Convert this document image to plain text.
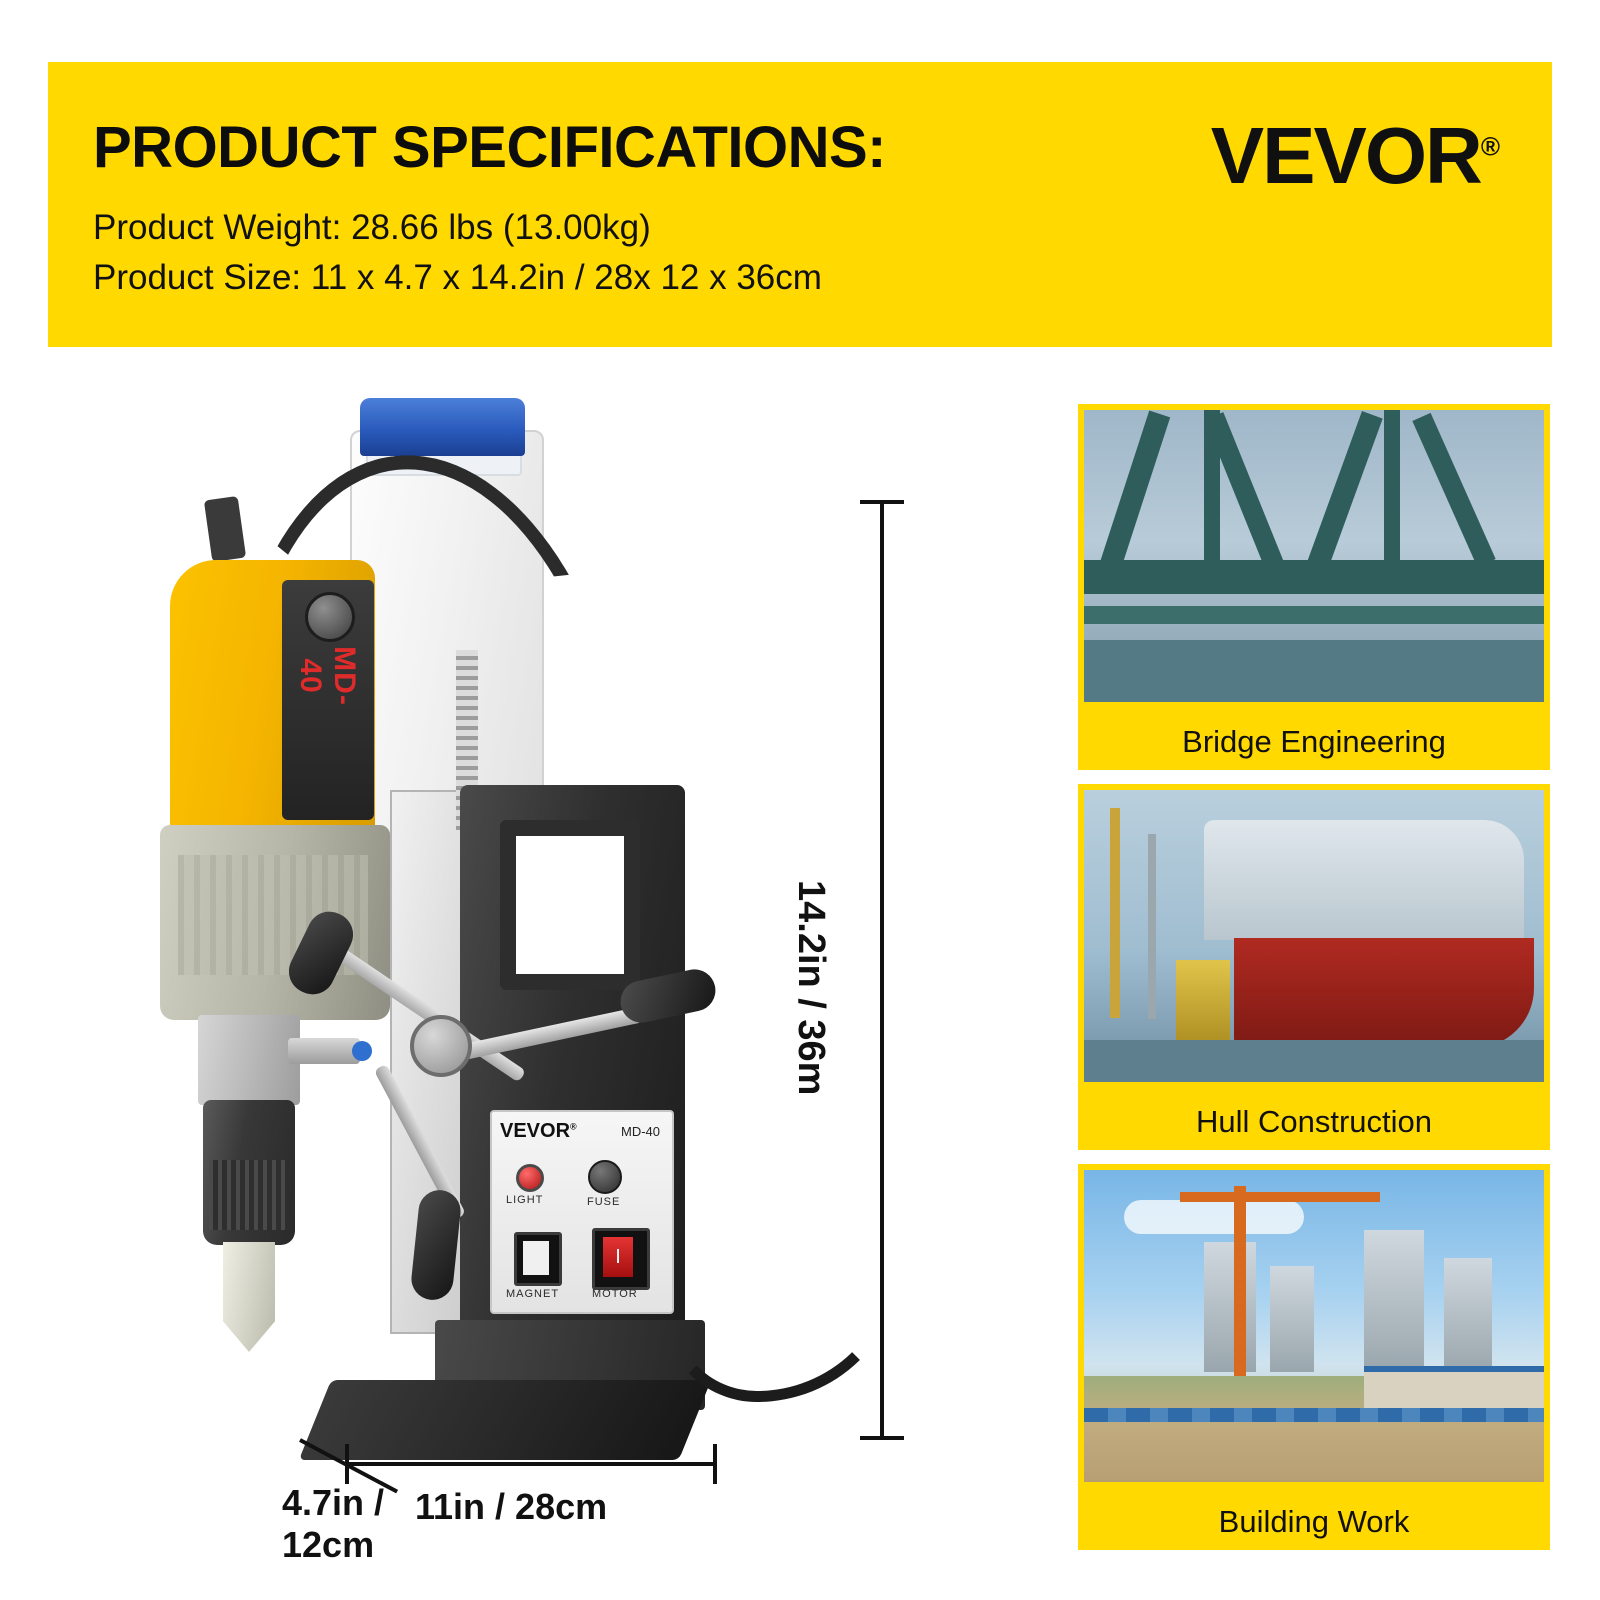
PRODUCT SPECIFICATIONS:	VEVOR®
Product Weight: 28.66 lbs (13.00kg)
Product Size: 11 x 4.7 x 14.2in / 28x 12 x 36cm
MD-40
VEVOR®	MD-40
LIGHT	FUSE
I
MAGNET	MOTOR
14.2in / 36m
11in / 28cm
4.7in /
12cm
Bridge Engineering
Hull Construction
Building Work
